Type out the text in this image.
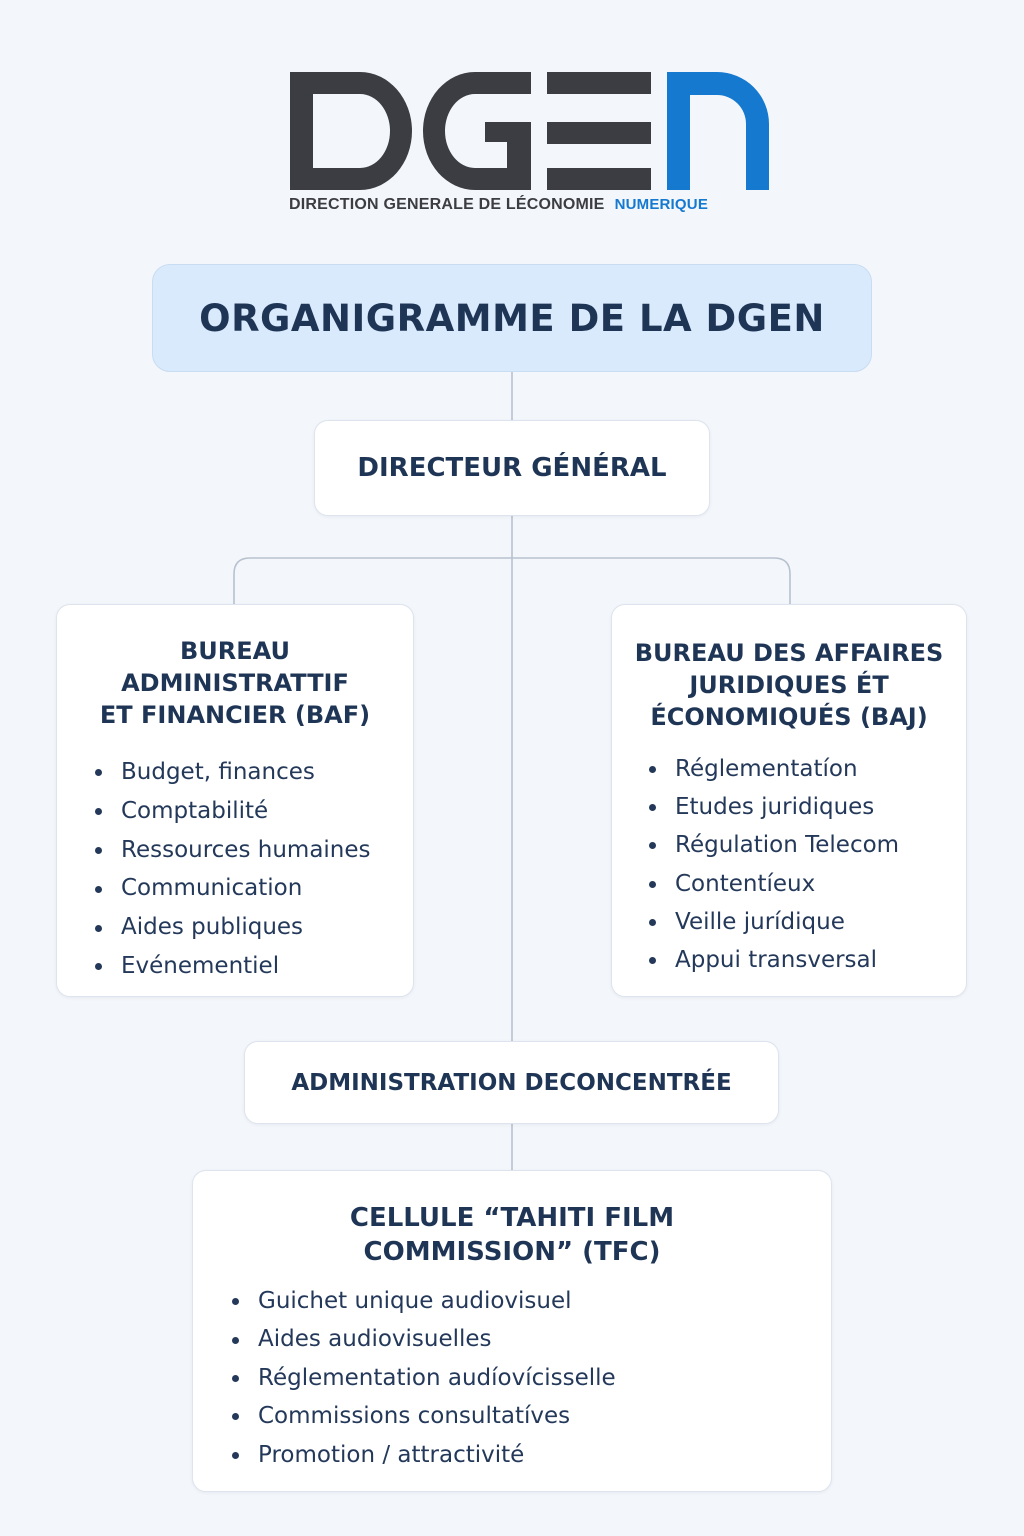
DIRECTION GENERALE DE LÉCONOMIE NUMERIQUE
ORGANIGRAMME DE LA DGEN
DIRECTEUR GÉNÉRAL
BUREAU
ADMINISTRATTIF
ET FINANCIER (BAF)
Budget, finances
Comptabilité
Ressources humaines
Communication
Aides publiques
Evénementiel
BUREAU DES AFFAIRES
JURIDIQUES ÉT
ÉCONOMIQUÉS (BAJ)
Réglementatíon
Etudes juridiques
Régulation Telecom
Contentíeux
Veille jurídique
Appui transversal
ADMINISTRATION DECONCENTRÉE
CELLULE “TAHITI FILM
COMMISSION” (TFC)
Guichet unique audiovisuel
Aides audiovisuelles
Réglementation audíovícisselle
Commissions consultatíves
Promotion / attractivité
